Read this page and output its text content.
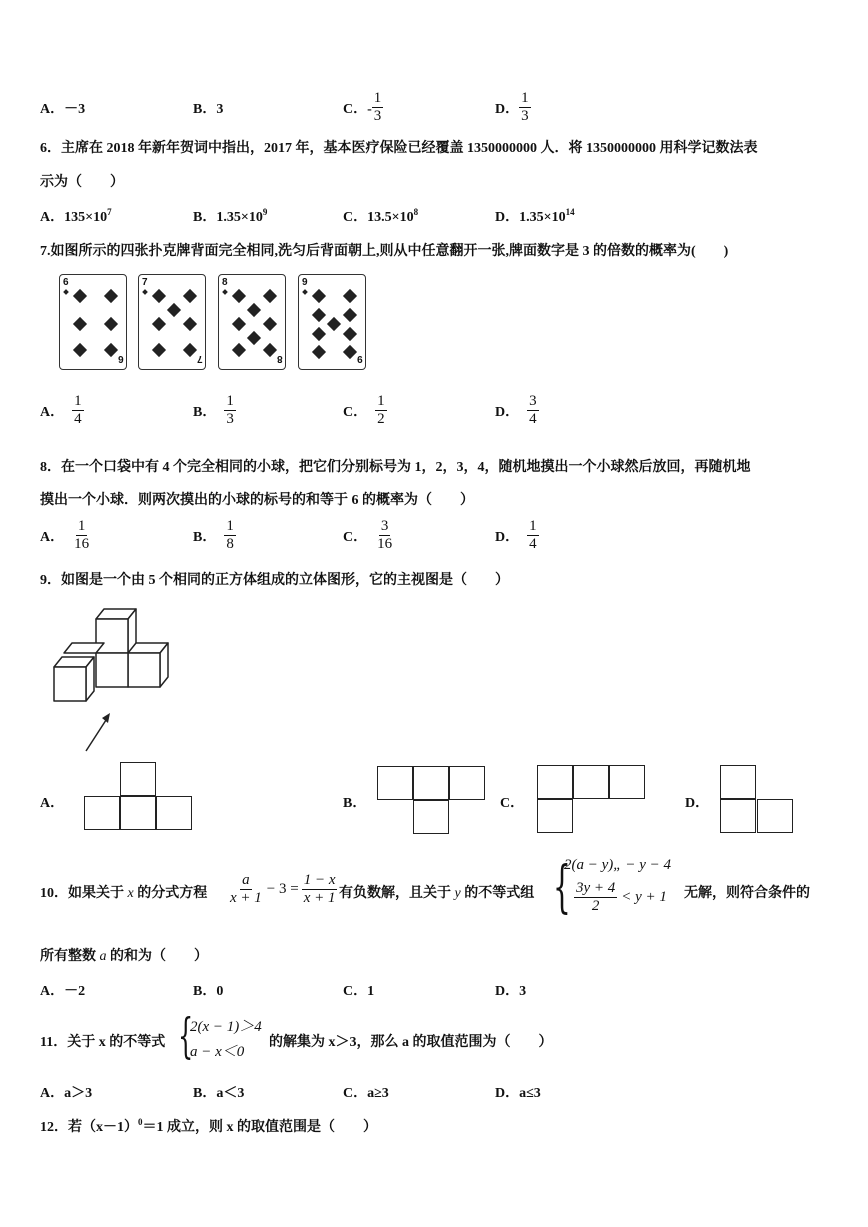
A．－3	B．3	C．- $\frac{1}{3}$	D． $\frac{1}{3}$
6．主席在 2018 年新年贺词中指出，2017 年，基本医疗保险已经覆盖 1350000000 人．将 1350000000 用科学记数法表
示为（　　）
A．$135\times 10^7$	B．$1.35\times 10^9$	C．$13.5\times 10^8$	D．$1.35\times 10^{14}$
7.如图所示的四张扑克牌背面完全相同,洗匀后背面朝上,则从中任意翻开一张,牌面数字是 3 的倍数的概率为(　　)
6
6
7
7
8
8
9
9
A． $\frac{1}{4}$	B． $\frac{1}{3}$	C． $\frac{1}{2}$	D． $\frac{3}{4}$
8．在一个口袋中有 4 个完全相同的小球，把它们分别标号为 1，2，3，4，随机地摸出一个小球然后放回，再随机地
摸出一个小球．则两次摸出的小球的标号的和等于 6 的概率为（　　）
A． $\frac{1}{16}$	B． $\frac{1}{8}$	C． $\frac{3}{16}$	D． $\frac{1}{4}$
9．如图是一个由 5 个相同的正方体组成的立体图形，它的主视图是（　　）
A．	B．	C．	D．
10．如果关于 x 的分式方程 $\frac{a}{x + 1} - 3 = \frac{1 - x}{x + 1}$ 有负数解，且关于 y 的不等式组 {
2(a − y)„ − y − 4
$\frac{3y + 4}{2} < y + 1$ 无解，则符合条件的
所有整数 a 的和为（　　）
A．－2	B．0	C．1	D．3
11．关于 x 的不等式 {
2(x − 1)＞4
a − x＜0
的解集为 x＞3，那么 a 的取值范围为（　　）
A．a＞3	B．a＜3	C．a≥3	D．a≤3
12．若$(x-1)^0=1$ 成立，则 x 的取值范围是（　　）
